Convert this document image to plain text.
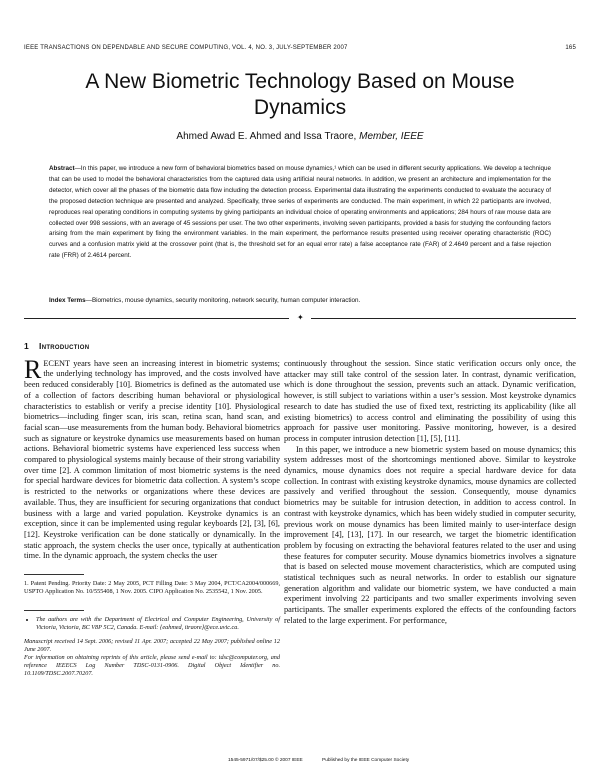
IEEE TRANSACTIONS ON DEPENDABLE AND SECURE COMPUTING, VOL. 4, NO. 3, JULY-SEPTEMBER 2007	165
A New Biometric Technology Based on Mouse Dynamics
Ahmed Awad E. Ahmed and Issa Traore, Member, IEEE

Abstract—In this paper, we introduce a new form of behavioral biometrics based on mouse dynamics,¹ which can be used in different security applications. We develop a technique that can be used to model the behavioral characteristics from the captured data using artificial neural networks. In addition, we present an architecture and implementation for the detector, which cover all the phases of the biometric data flow including the detection process. Experimental data illustrating the experiments conducted to evaluate the accuracy of the proposed detection technique are presented and analyzed. Specifically, three series of experiments are conducted. The main experiment, in which 22 participants are involved, reproduces real operating conditions in computing systems by giving participants an individual choice of operating environments and applications; 284 hours of raw mouse data are collected over 998 sessions, with an average of 45 sessions per user. The two other experiments, involving seven participants, provided a basis for studying the confounding factors arising from the main experiment by fixing the environment variables. In the main experiment, the performance results presented using receiver operating characteristic (ROC) curves and a confusion matrix yield at the crossover point (that is, the threshold set for an equal error rate) a false acceptance rate (FAR) of 2.4649 percent and a false rejection rate (FRR) of 2.4614 percent.

Index Terms—Biometrics, mouse dynamics, security monitoring, network security, human computer interaction.

✦
1 Introduction

RECENT years have seen an increasing interest in biometric systems; the underlying technology has improved, and the costs involved have been reduced considerably [10]. Biometrics is defined as the automated use of a collection of factors describing human behavioral or physiological characteristics to establish or verify a precise identity [10]. Physiological biometrics—including finger scan, iris scan, retina scan, hand scan, and facial scan—use measurements from the human body. Behavioral biometrics such as signature or keystroke dynamics use measurements based on human actions. Behavioral biometric systems have experienced less success when compared to physiological systems mainly because of their strong variability over time [2]. A common limitation of most biometric systems is the need for special hardware devices for biometric data collection. A system’s scope is restricted to the networks or organizations where these devices are available. Thus, they are insufficient for securing organizations that conduct business with a large and varied population. Keystroke dynamics is an exception, since it can be implemented using regular keyboards [2], [3], [6], [12]. Keystroke verification can be done statically or dynamically. In the static approach, the system checks the user once, typically at authentication time. In the dynamic approach, the system checks the user

1. Patent Pending. Priority Date: 2 May 2005, PCT Filling Date: 3 May 2004, PCT/CA2004/000669, USPTO Application No. 10/555408, 1 Nov. 2005. CIPO Application No. 2535542, 1 Nov. 2005.

• The authors are with the Department of Electrical and Computer Engineering, University of Victoria, Victoria, BC V8P 5C2, Canada. E-mail: {eahmed, itraore}@ece.uvic.ca.

Manuscript received 14 Sept. 2006; revised 11 Apr. 2007; accepted 22 May 2007; published online 12 June 2007.

For information on obtaining reprints of this article, please send e-mail to: tdsc@computer.org, and reference IEEECS Log Number TDSC-0131-0906. Digital Object Identifier no. 10.1109/TDSC.2007.70207.

continuously throughout the session. Since static verification occurs only once, the attacker may still take control of the session later. In contrast, dynamic verification, which is done throughout the session, prevents such an attack. Dynamic verification, however, is still subject to variations within a user’s session. Most keystroke dynamics research to date has studied the use of fixed text, restricting its applicability (like all existing biometrics) to access control and eliminating the possibility of using this approach for passive user monitoring. Passive monitoring, however, is a desired process in computer intrusion detection [1], [5], [11].

In this paper, we introduce a new biometric system based on mouse dynamics; this system addresses most of the shortcomings mentioned above. Similar to keystroke dynamics, mouse dynamics does not require a special hardware device for data collection. In contrast with existing keystroke dynamics, mouse dynamics are collected passively and verified throughout the session. Consequently, mouse dynamics biometrics may be suitable for intrusion detection, in addition to access control. In contrast with keystroke dynamics, which has been widely studied in computer security, previous work on mouse dynamics has been limited mainly to user-interface design improvement [4], [13], [17]. In our research, we target the biometric identification problem by focusing on extracting the behavioral features related to the user and using these features for computer security. Mouse dynamics biometrics involves a signature that is based on selected mouse movement characteristics, which are computed using statistical techniques such as neural networks. In order to establish our signature generation algorithm and validate our biometric system, we have conducted a main experiment involving 22 participants and two smaller experiments involving seven participants. The smaller experiments explored the effects of the confounding factors related to the large experiment. For performance,

1545-5971/07/$25.00 © 2007 IEEE	Published by the IEEE Computer Society
